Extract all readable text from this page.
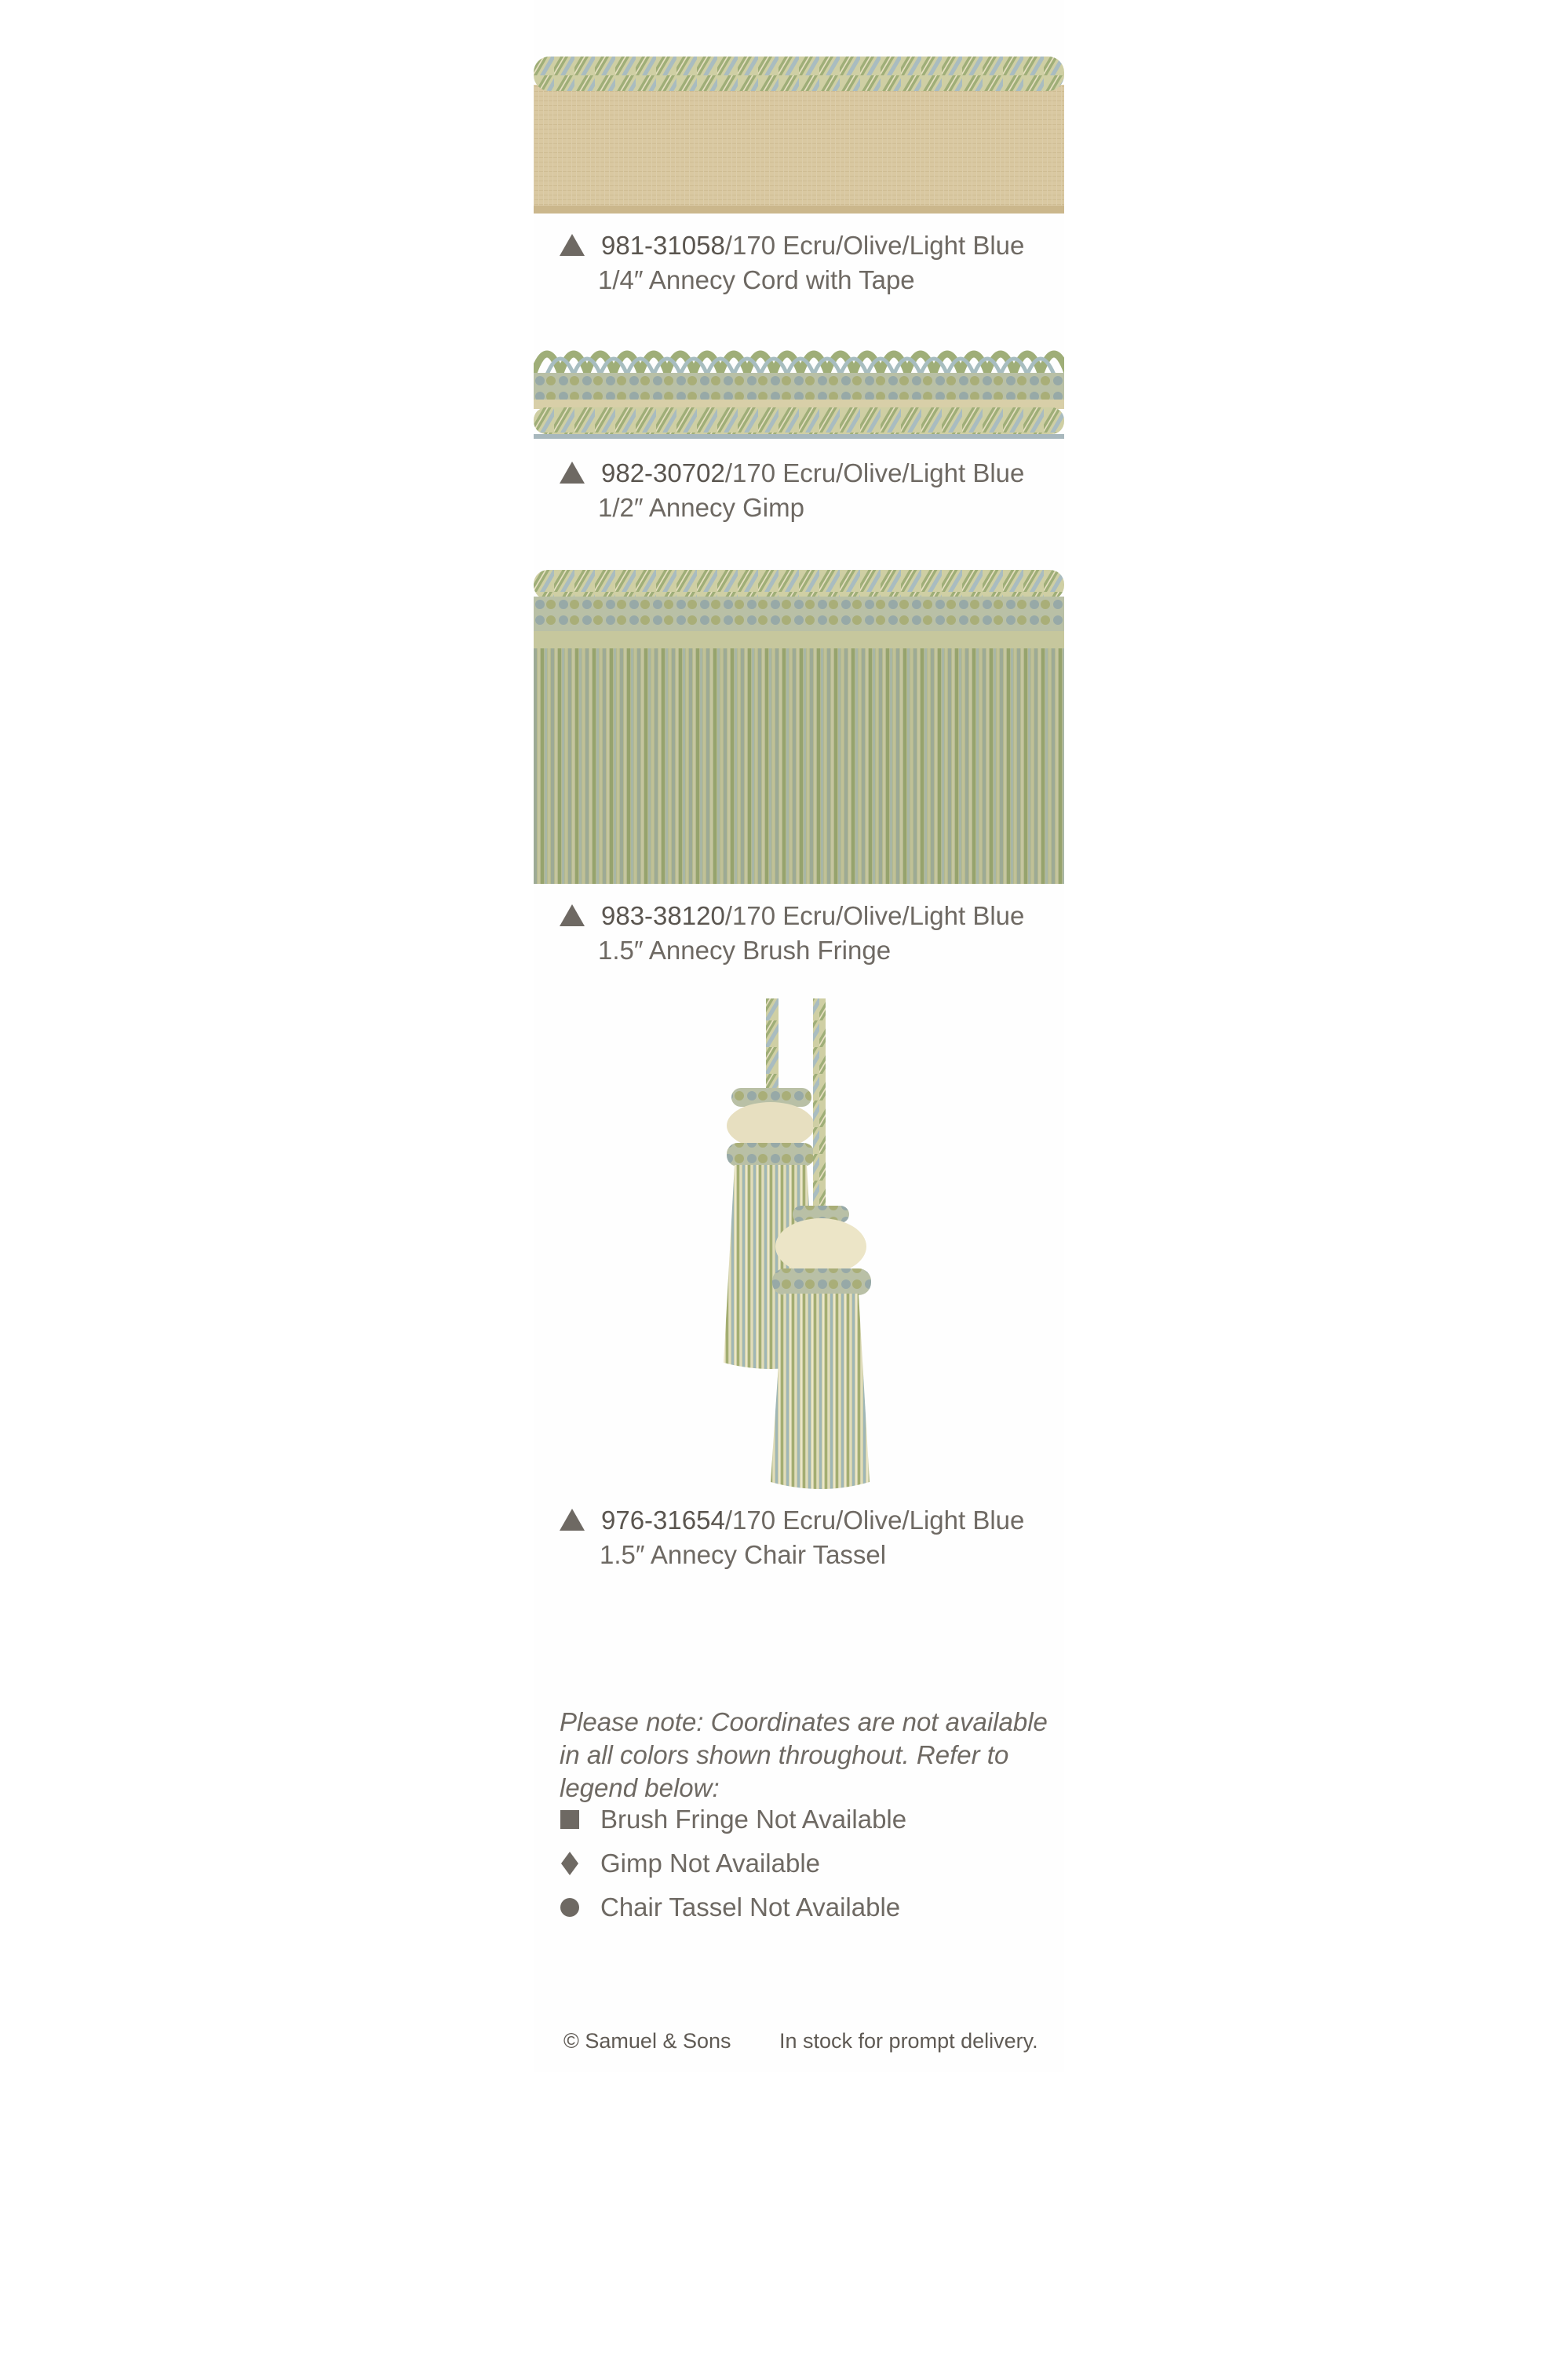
981-31058/170 Ecru/Olive/Light Blue
1/4″ Annecy Cord with Tape
982-30702/170 Ecru/Olive/Light Blue
1/2″ Annecy Gimp
983-38120/170 Ecru/Olive/Light Blue
1.5″ Annecy Brush Fringe
976-31654/170 Ecru/Olive/Light Blue
1.5″ Annecy Chair Tassel
Please note: Coordinates are not available in all colors shown throughout. Refer to legend below:
Brush Fringe Not Available
Gimp Not Available
Chair Tassel Not Available
© Samuel & Sons In stock for prompt delivery.
